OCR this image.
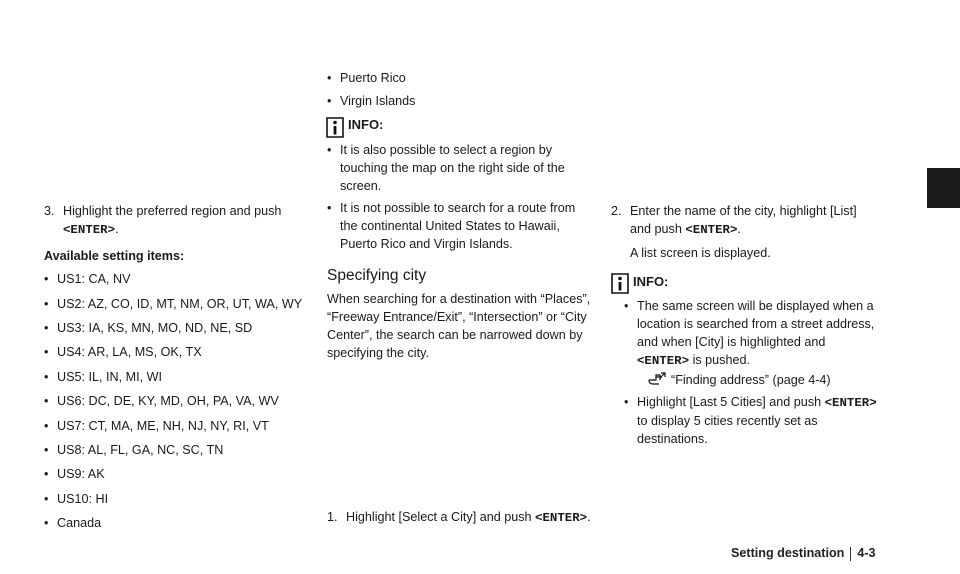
3. Highlight the preferred region and push <ENTER>.

Available setting items:

• US1: CA, NV

• US2: AZ, CO, ID, MT, NM, OR, UT, WA, WY

• US3: IA, KS, MN, MO, ND, NE, SD

• US4: AR, LA, MS, OK, TX

• US5: IL, IN, MI, WI

• US6: DC, DE, KY, MD, OH, PA, VA, WV

• US7: CT, MA, ME, NH, NJ, NY, RI, VT

• US8: AL, FL, GA, NC, SC, TN

• US9: AK

• US10: HI

• Canada

• Puerto Rico

• Virgin Islands

INFO:

• It is also possible to select a region by touching the map on the right side of the screen.

• It is not possible to search for a route from the continental United States to Hawaii, Puerto Rico and Virgin Islands.

Specifying city

When searching for a destination with “Places”, “Freeway Entrance/Exit”, “Intersection” or “City Center”, the search can be narrowed down by specifying the city.

1. Highlight [Select a City] and push <ENTER>.

2. Enter the name of the city, highlight [List] and push <ENTER>.

A list screen is displayed.

INFO:

• The same screen will be displayed when a location is searched from a street address, and when [City] is highlighted and <ENTER> is pushed.

“Finding address” (page 4-4)

• Highlight [Last 5 Cities] and push <ENTER> to display 5 cities recently set as destinations.

Setting destination 4-3
